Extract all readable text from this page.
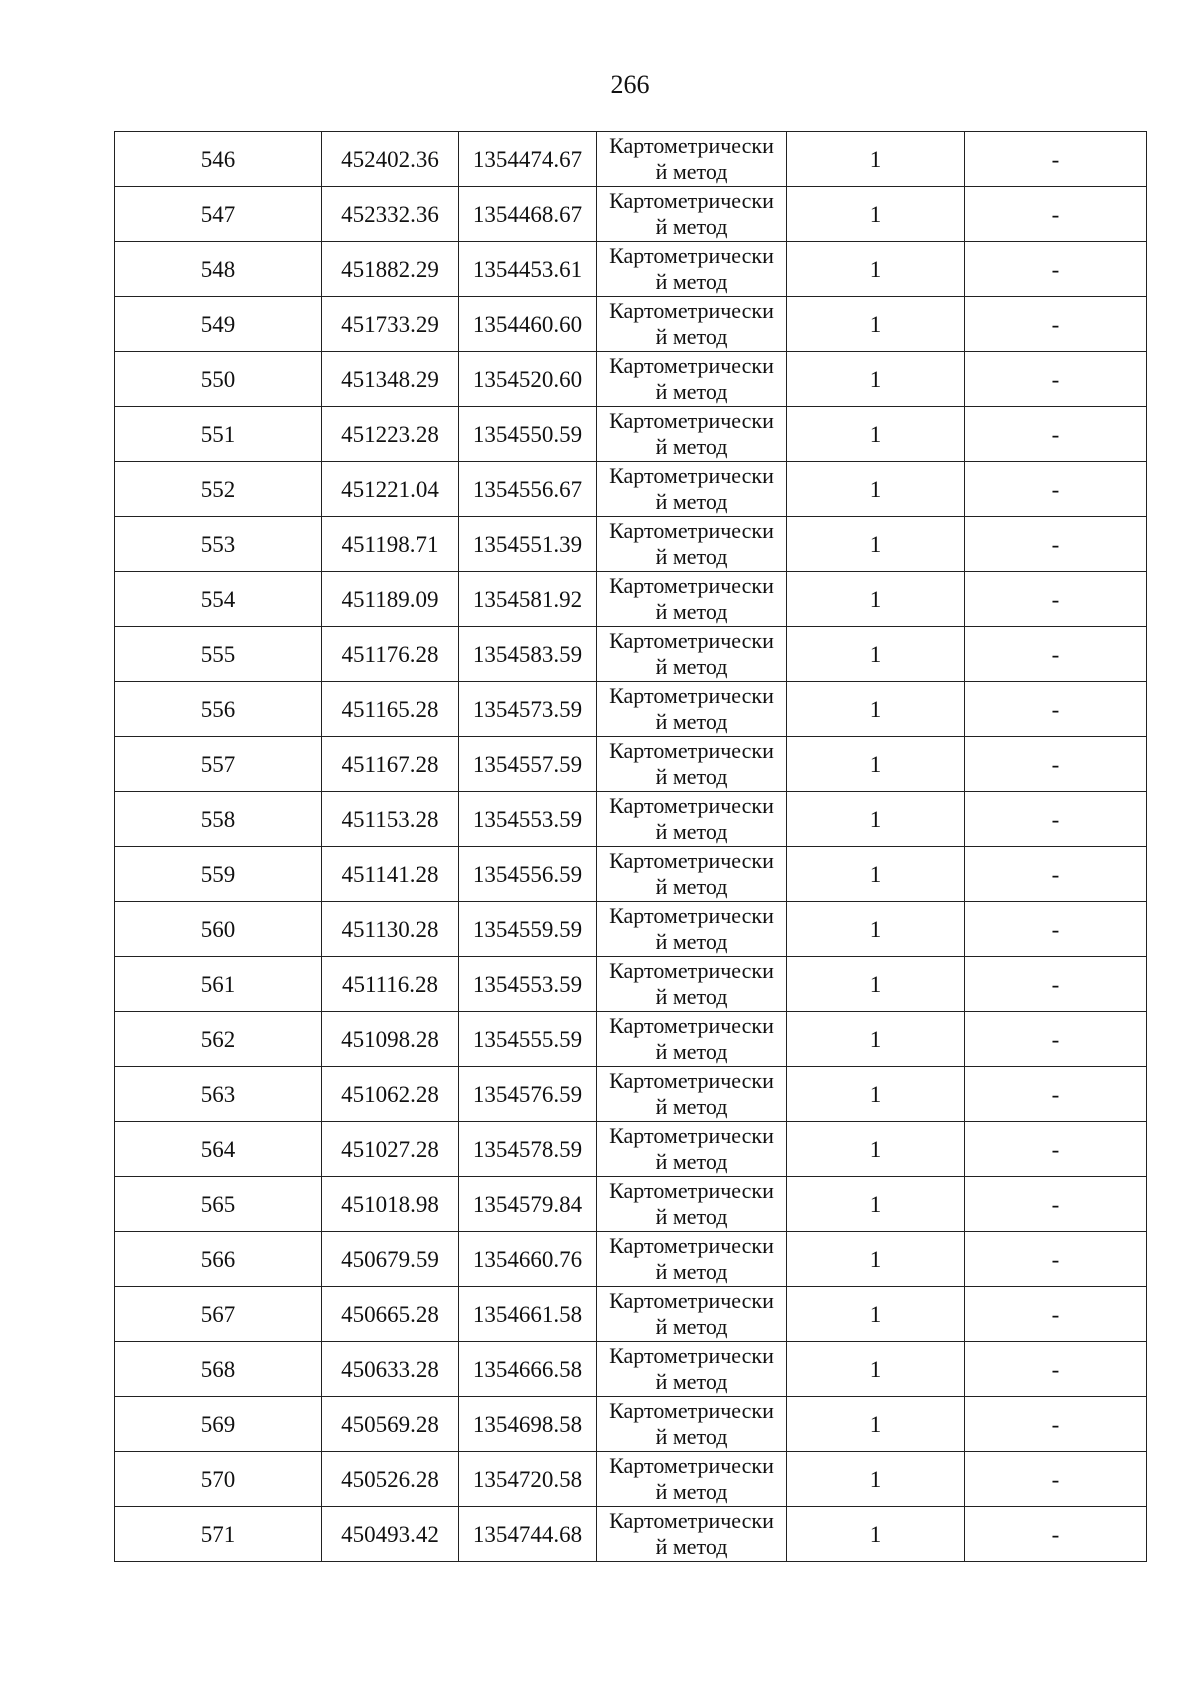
266
546	452402.36	1354474.67	Картометрически
й метод	1	-
547	452332.36	1354468.67	Картометрически
й метод	1	-
548	451882.29	1354453.61	Картометрически
й метод	1	-
549	451733.29	1354460.60	Картометрически
й метод	1	-
550	451348.29	1354520.60	Картометрически
й метод	1	-
551	451223.28	1354550.59	Картометрически
й метод	1	-
552	451221.04	1354556.67	Картометрически
й метод	1	-
553	451198.71	1354551.39	Картометрически
й метод	1	-
554	451189.09	1354581.92	Картометрически
й метод	1	-
555	451176.28	1354583.59	Картометрически
й метод	1	-
556	451165.28	1354573.59	Картометрически
й метод	1	-
557	451167.28	1354557.59	Картометрически
й метод	1	-
558	451153.28	1354553.59	Картометрически
й метод	1	-
559	451141.28	1354556.59	Картометрически
й метод	1	-
560	451130.28	1354559.59	Картометрически
й метод	1	-
561	451116.28	1354553.59	Картометрически
й метод	1	-
562	451098.28	1354555.59	Картометрически
й метод	1	-
563	451062.28	1354576.59	Картометрически
й метод	1	-
564	451027.28	1354578.59	Картометрически
й метод	1	-
565	451018.98	1354579.84	Картометрически
й метод	1	-
566	450679.59	1354660.76	Картометрически
й метод	1	-
567	450665.28	1354661.58	Картометрически
й метод	1	-
568	450633.28	1354666.58	Картометрически
й метод	1	-
569	450569.28	1354698.58	Картометрически
й метод	1	-
570	450526.28	1354720.58	Картометрически
й метод	1	-
571	450493.42	1354744.68	Картометрически
й метод	1	-
